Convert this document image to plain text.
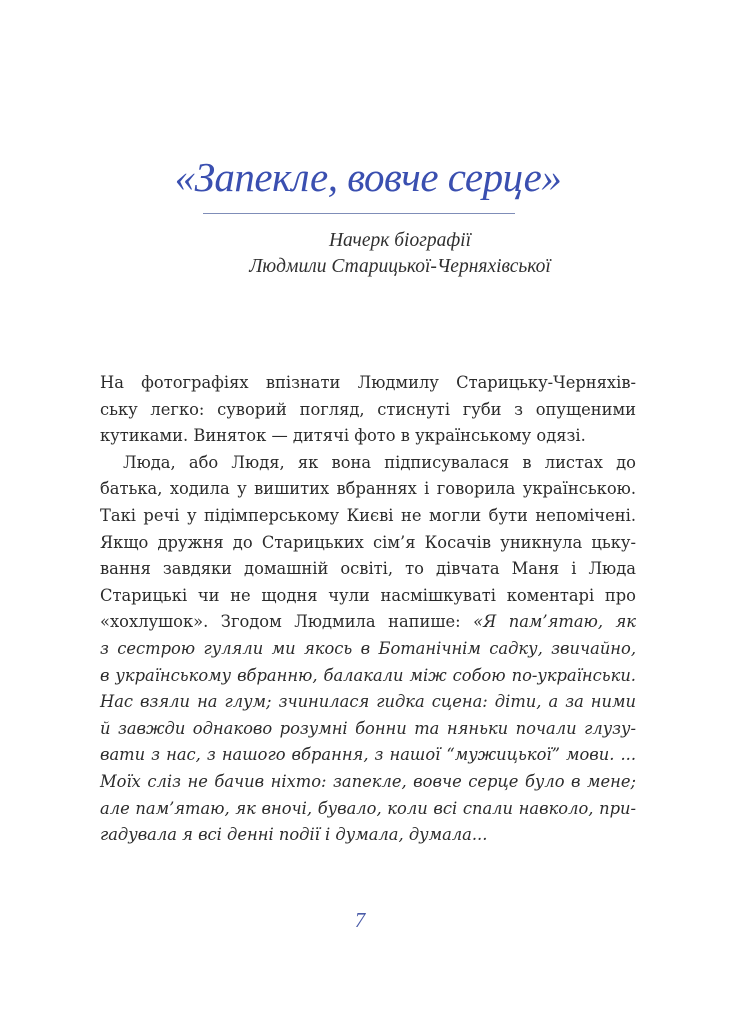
«Запекле, вовче серце»
Начерк біографії
Людмили Старицької-Черняхівської
На фотографіях впізнати Людмилу Старицьку-Черняхів-
ську легко: суворий погляд, стиснуті губи з опущеними
кутиками. Виняток — дитячі фото в українському одязі.
Люда, або Людя, як вона підписувалася в листах до
батька, ходила у вишитих вбраннях і говорила українською.
Такі речі у підімперському Києві не могли бути непомічені.
Якщо дружня до Старицьких сім’я Косачів уникнула цьку-
вання завдяки домашній освіті, то дівчата Маня і Люда
Старицькі чи не щодня чули насмішкуваті коментарі про
«хохлушок». Згодом Людмила напише: «Я пам’ятаю, як
з сестрою гуляли ми якось в Ботанічнім садку, звичайно,
в українському вбранню, балакали між собою по-українськи.
Нас взяли на глум; зчинилася гидка сцена: діти, а за ними
й завжди однаково розумні бонни та няньки почали глузу-
вати з нас, з нашого вбрання, з нашої “мужицької” мови. ...
Моїх сліз не бачив ніхто: запекле, вовче серце було в мене;
але пам’ятаю, як вночі, бувало, коли всі спали навколо, при-
гадувала я всі денні події і думала, думала...
7
